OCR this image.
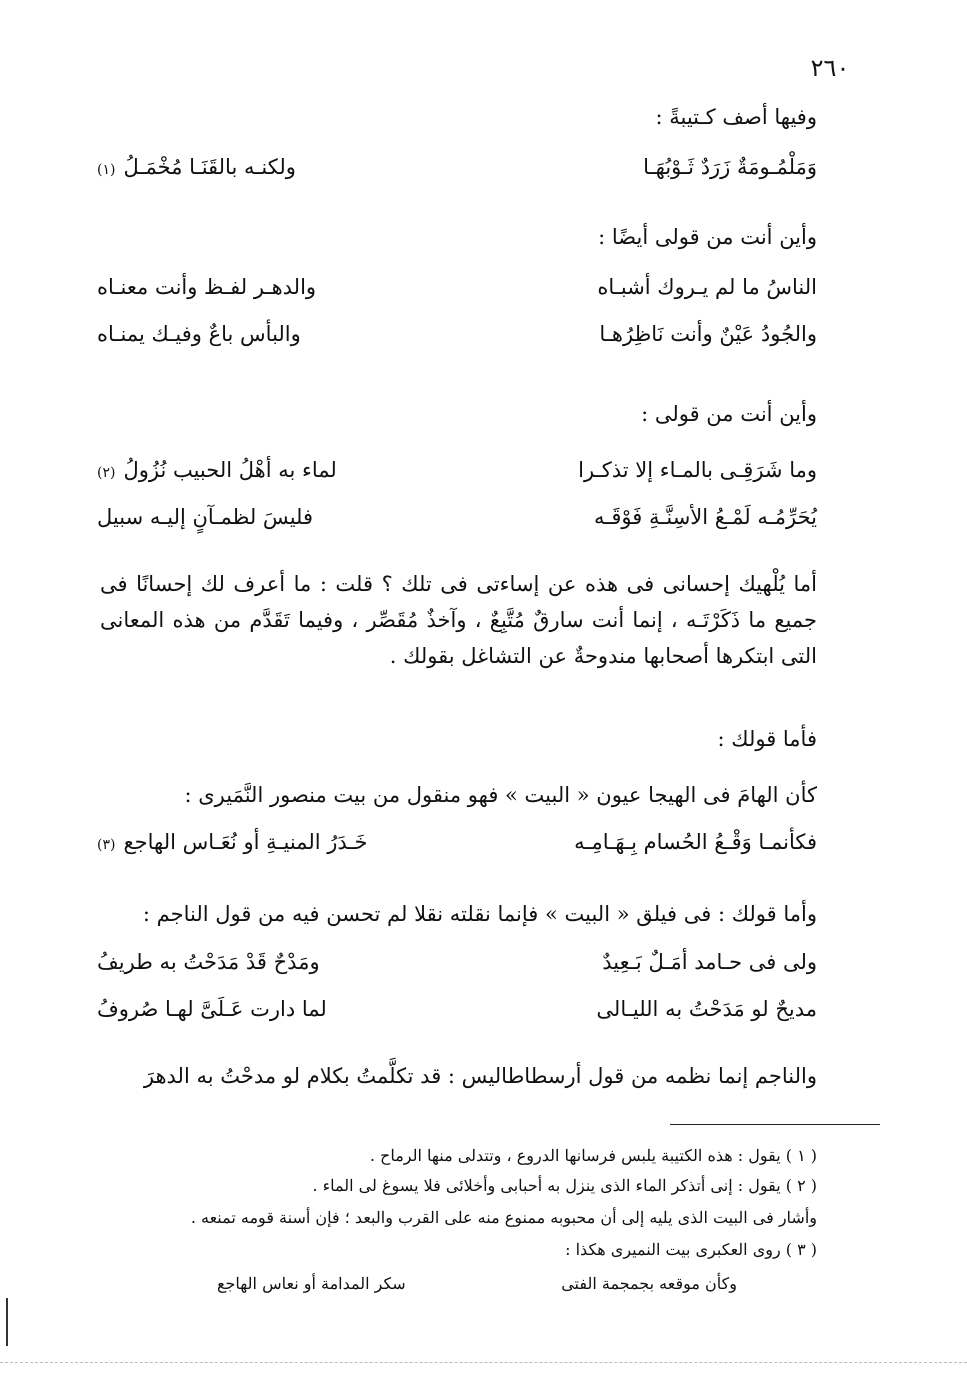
٢٦٠
وفيها أصف كـتيبةً :
وَمَلْمُـومَةٌ زَرَدٌ ثَـوْبُهَـا
ولكنـه بالقَنَـا مُخْمَـلُ(١)
وأين أنت من قولى أيضًا :
الناسُ ما لم يـروك أشبـاه
والدهـر لفـظ وأنت معنـاه
والجُودُ عَيْنٌ وأنت نَاظِرُهـا
والبأس باعٌ وفيـك يمنـاه
وأين أنت من قولى :
وما شَرَقِـى بالمـاء إلا تذكـرا
لماء به أهْلُ الحبيب نُزُولُ(٢)
يُحَرِّمُـه لَمْـعُ الأسِنَّـةِ فَوْقَـه
فليسَ لظمـآنٍ إليـه سبيل
أما يُلْهيك إحسانى فى هذه عن إساءتى فى تلك ؟ قلت : ما أعرف لك إحسانًا فى جميع ما ذَكَرْتَـه ، إنما أنت سارقٌ مُتَّبِعٌ ، وآخذٌ مُقَصِّر ، وفيما تَقَدَّم من هذه المعانى التى ابتكرها أصحابها مندوحةٌ عن التشاغل بقولك .
فأما قولك :
كأن الهامَ فى الهيجا عيون « البيت » فهو منقول من بيت منصور النَّمَيرى :
فكأنمـا وَقْـعُ الحُسام بِـهَـامِـه
خَـدَرُ المنيـةِ أو نُعَـاس الهاجع(٣)
وأما قولك : فى فيلق « البيت » فإنما نقلته نقلا لم تحسن فيه من قول الناجم :
ولى فى حـامد أمَـلٌ بَـعِيدٌ
ومَدْحٌ قَدْ مَدَحْتُ به طريفُ
مديحٌ لو مَدَحْتُ به الليـالى
لما دارت عَـلَىَّ لهـا صُروفُ
والناجم إنما نظمه من قول أرسطاطاليس : قد تكلَّمتُ بكلام لو مدحْتُ به الدهرَ
( ١ ) يقول : هذه الكتيبة يلبس فرسانها الدروع ، وتتدلى منها الرماح .
( ٢ ) يقول : إنى أتذكر الماء الذى ينزل به أحبابى وأخلائى فلا يسوغ لى الماء .
وأشار فى البيت الذى يليه إلى أن محبوبه ممنوع منه على القرب والبعد ؛ فإن أسنة قومه تمنعه .
( ٣ ) روى العكبرى بيت النميرى هكذا :
وكأن موقعه بجمجمة الفتى
سكر المدامة أو نعاس الهاجع
